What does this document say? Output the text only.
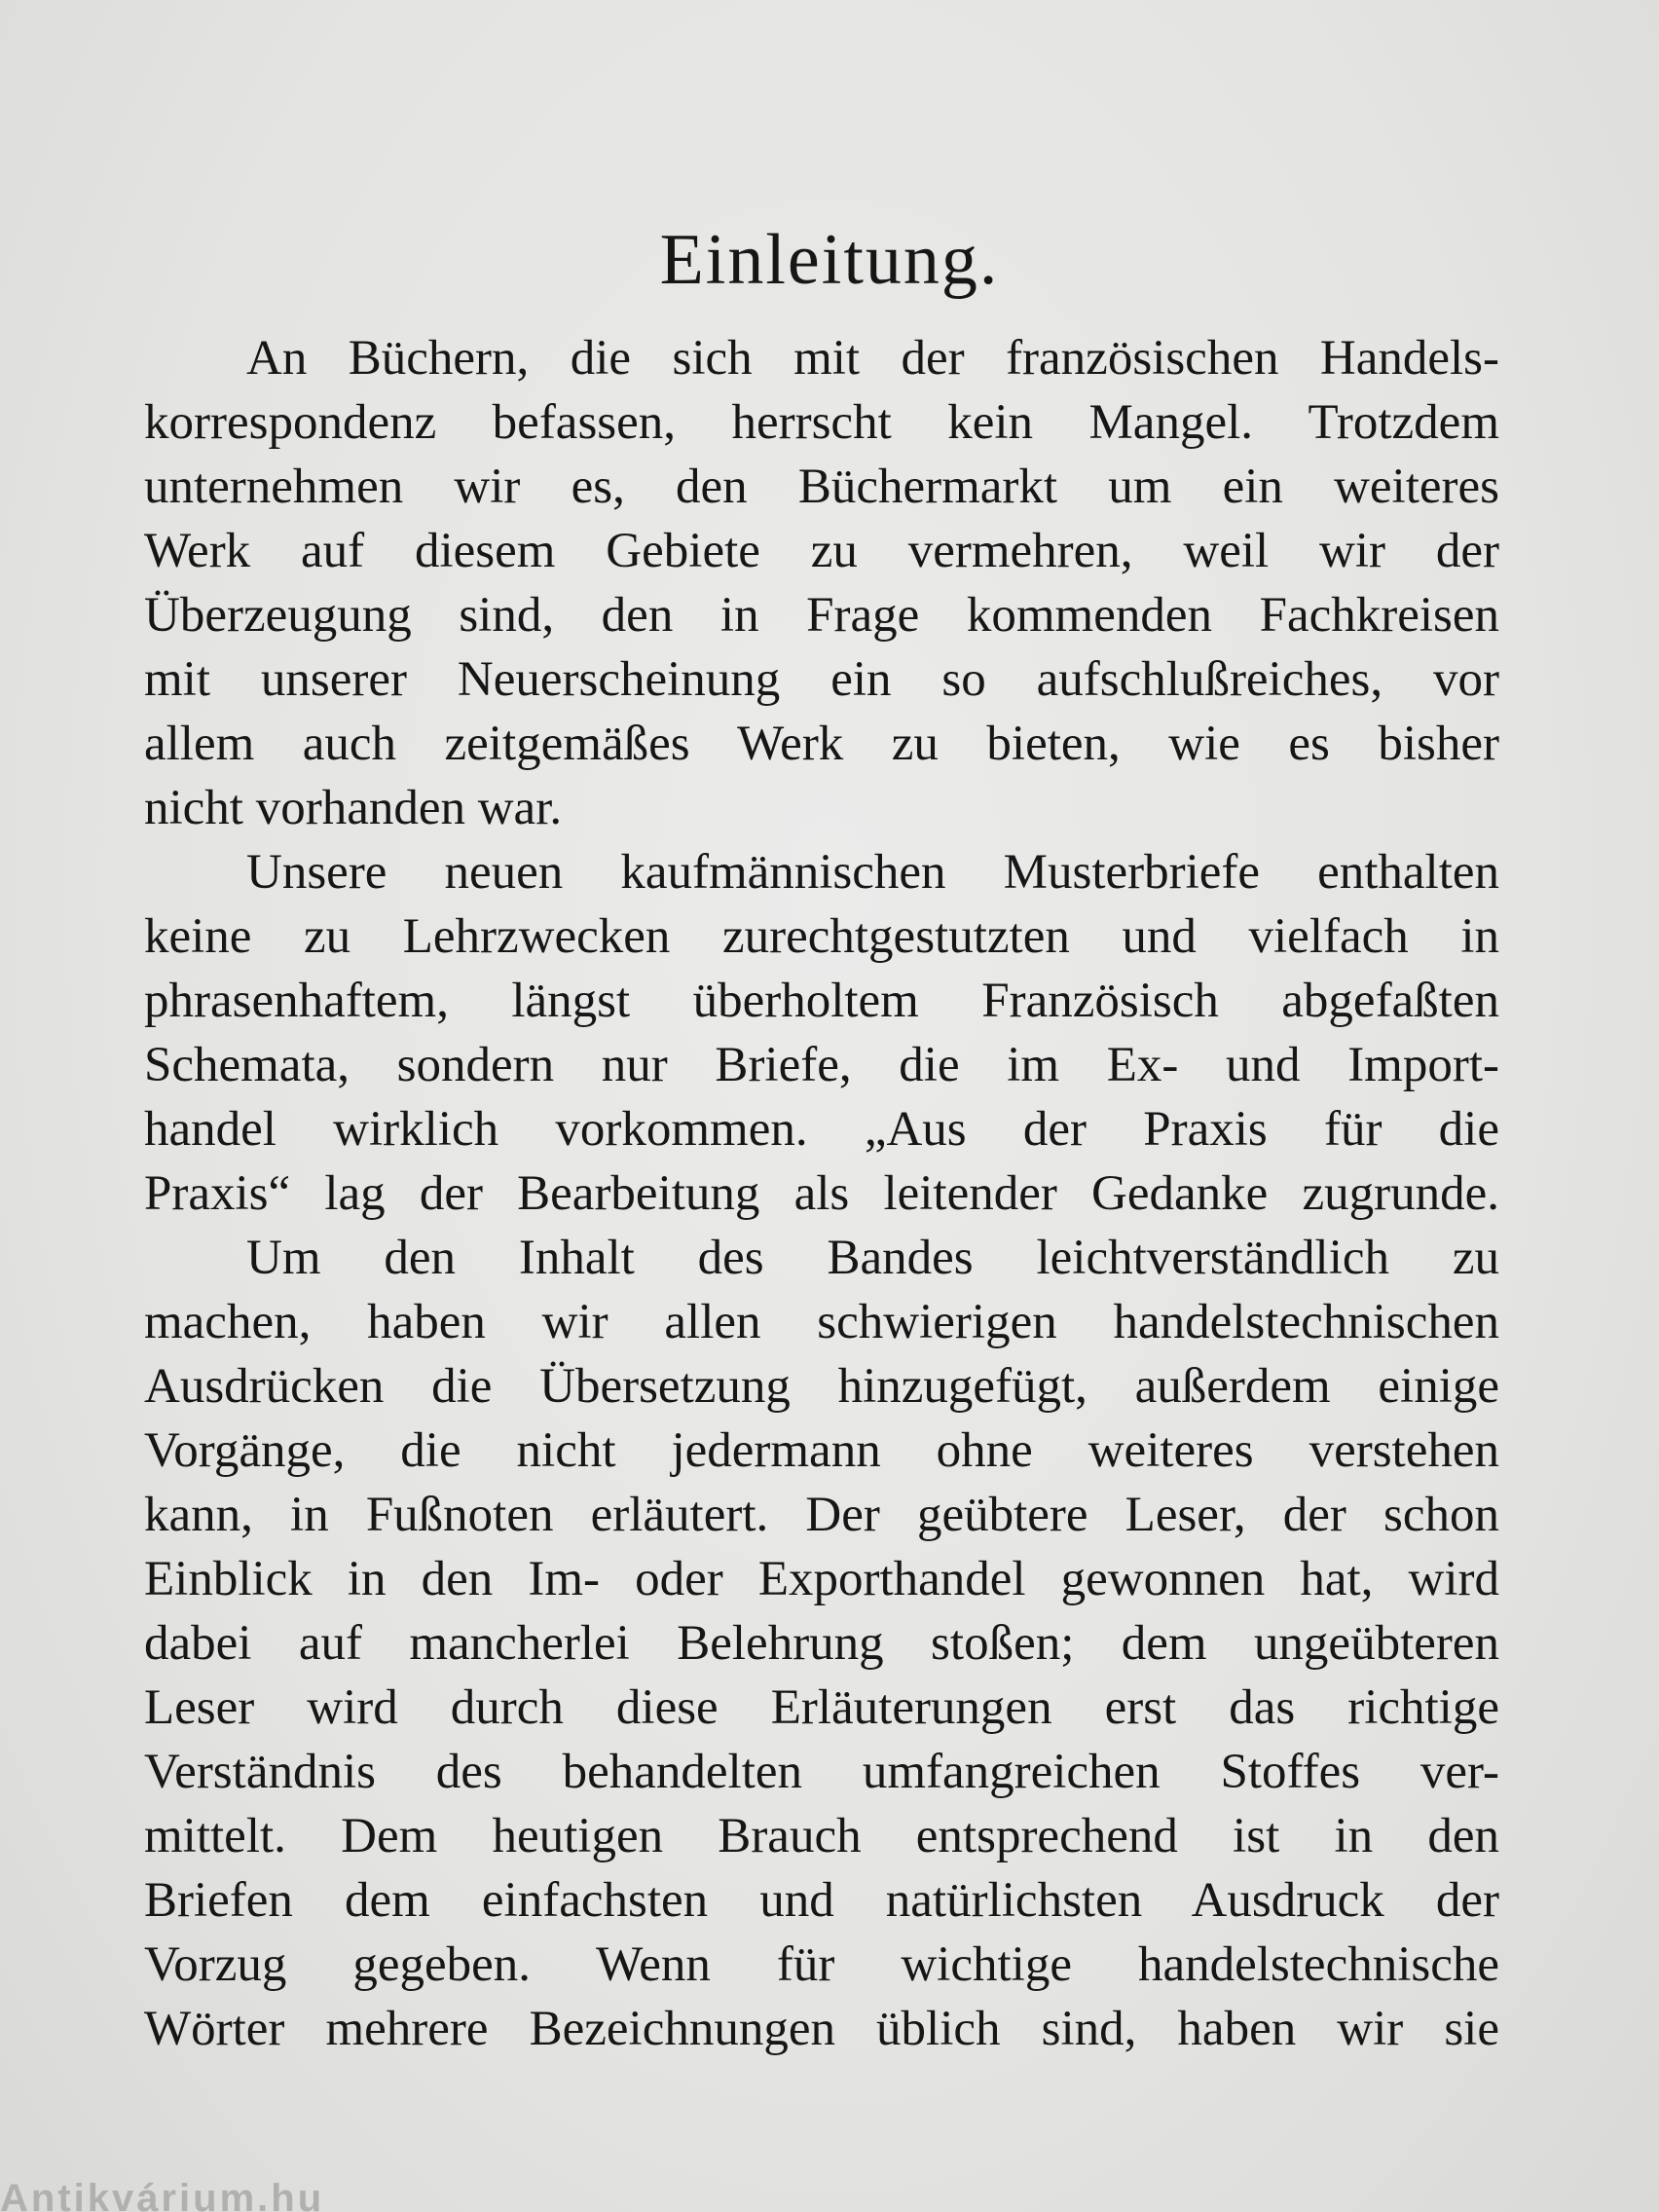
Einleitung.
An Büchern, die sich mit der französischen Handels-
korrespondenz befassen, herrscht kein Mangel. Trotzdem
unternehmen wir es, den Büchermarkt um ein weiteres
Werk auf diesem Gebiete zu vermehren, weil wir der
Überzeugung sind, den in Frage kommenden Fachkreisen
mit unserer Neuerscheinung ein so aufschlußreiches, vor
allem auch zeitgemäßes Werk zu bieten, wie es bisher
nicht vorhanden war.
Unsere neuen kaufmännischen Musterbriefe enthalten
keine zu Lehrzwecken zurechtgestutzten und vielfach in
phrasenhaftem, längst überholtem Französisch abgefaßten
Schemata, sondern nur Briefe, die im Ex- und Import-
handel wirklich vorkommen. „Aus der Praxis für die
Praxis“ lag der Bearbeitung als leitender Gedanke zugrunde.
Um den Inhalt des Bandes leichtverständlich zu
machen, haben wir allen schwierigen handelstechnischen
Ausdrücken die Übersetzung hinzugefügt, außerdem einige
Vorgänge, die nicht jedermann ohne weiteres verstehen
kann, in Fußnoten erläutert. Der geübtere Leser, der schon
Einblick in den Im- oder Exporthandel gewonnen hat, wird
dabei auf mancherlei Belehrung stoßen; dem ungeübteren
Leser wird durch diese Erläuterungen erst das richtige
Verständnis des behandelten umfangreichen Stoffes ver-
mittelt. Dem heutigen Brauch entsprechend ist in den
Briefen dem einfachsten und natürlichsten Ausdruck der
Vorzug gegeben. Wenn für wichtige handelstechnische
Wörter mehrere Bezeichnungen üblich sind, haben wir sie
Antikvárium.hu
